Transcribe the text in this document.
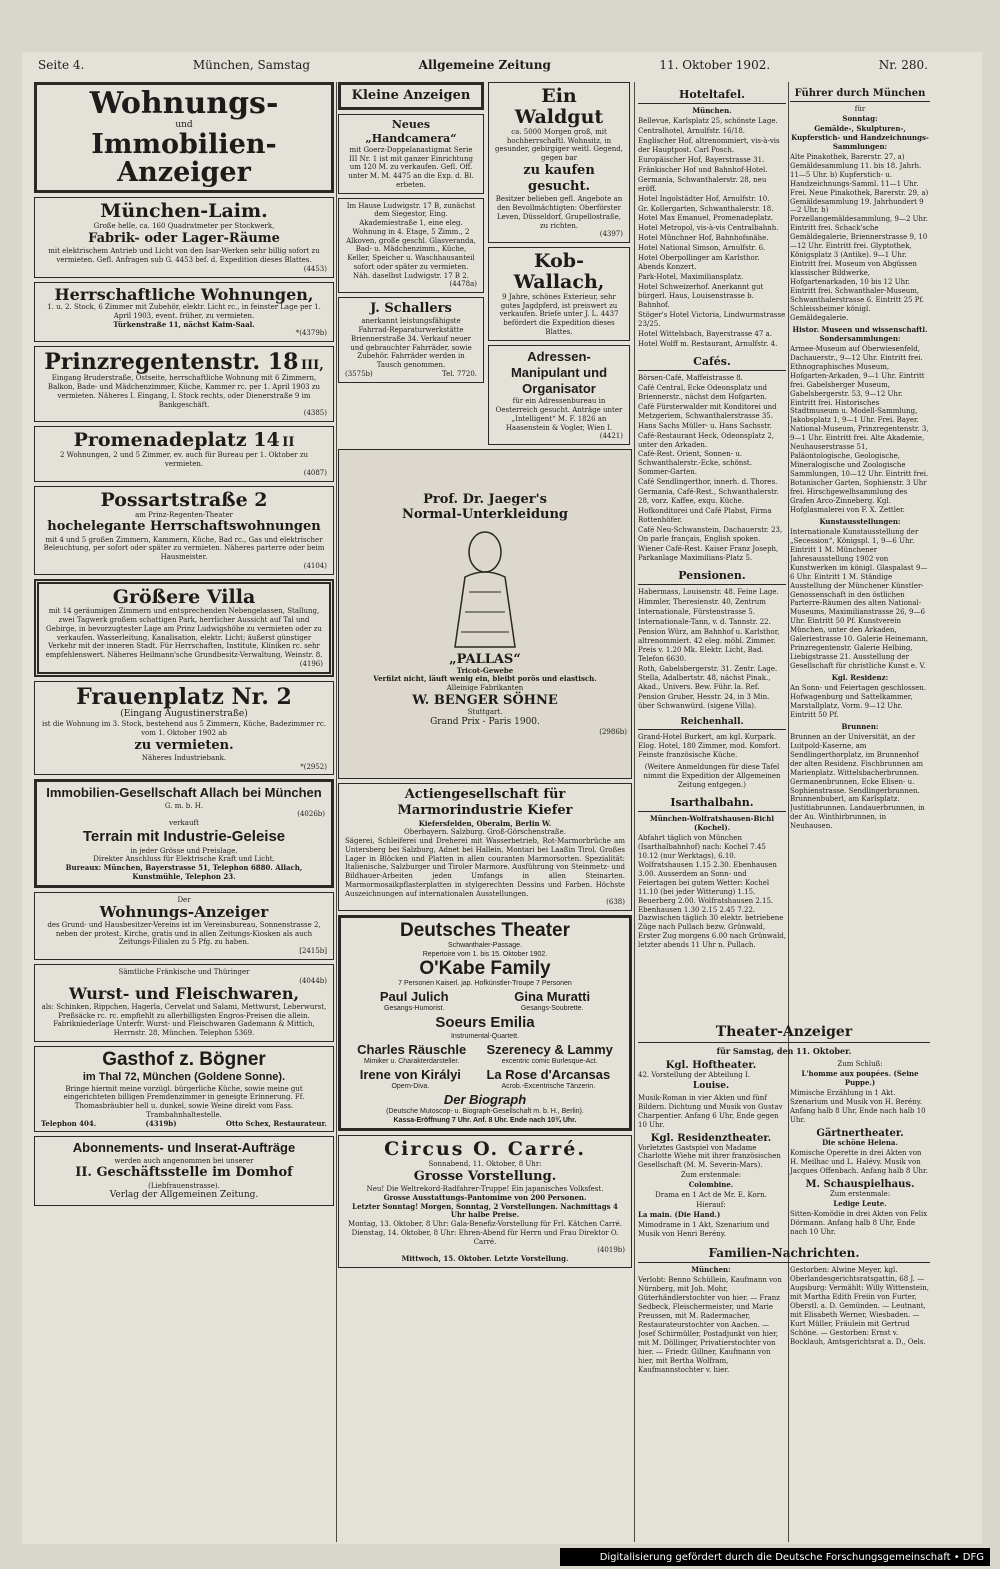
Seite 4.	München, Samstag	Allgemeine Zeitung	11. Oktober 1902.	Nr. 280.
Wohnungs-
und
Immobilien-Anzeiger
München-Laim.
Große helle, ca. 160 Quadratmeter per Stockwerk,
Fabrik- oder Lager-Räume
mit elektrischem Antrieb und Licht von den Isar-Werken sehr billig sofort zu vermieten. Gefl. Anfragen sub G. 4453 bef. d. Expedition dieses Blattes.
(4453)
Herrschaftliche Wohnungen,
1. u. 2. Stock, 6 Zimmer mit Zubehör, elektr. Licht rc., in feinster Lage per 1. April 1903, event. früher, zu vermieten.
Türkenstraße 11, nächst Kaim-Saal.
*(4379b)
Prinzregentenstr. 18 III,
Eingang Bruderstraße, Ostseite, herrschaftliche Wohnung mit 6 Zimmern, Balkon, Bade- und Mädchenzimmer, Küche, Kammer rc. per 1. April 1903 zu vermieten. Näheres I. Eingang, I. Stock rechts, oder Dienerstraße 9 im Bankgeschäft.
(4385)
Promenadeplatz 14 II
2 Wohnungen, 2 und 5 Zimmer, ev. auch für Bureau per 1. Oktober zu vermieten.
(4087)
Possartstraße 2
am Prinz-Regenten-Theater
hochelegante Herrschaftswohnungen
mit 4 und 5 großen Zimmern, Kammern, Küche, Bad rc., Gas und elektrischer Beleuchtung, per sofort oder später zu vermieten. Näheres parterre oder beim Hausmeister.
(4104)
Größere Villa
mit 14 geräumigen Zimmern und entsprechenden Nebengelassen, Stallung, zwei Tagwerk großem schattigen Park, herrlicher Aussicht auf Tal und Gebirge, in bevorzugtester Lage am Prinz Ludwigshöhe zu vermieten oder zu verkaufen. Wasserleitung, Kanalisation, elektr. Licht; äußerst günstiger Verkehr mit der inneren Stadt. Für Herrschaften, Institute, Kliniken rc. sehr empfehlenswert. Näheres Heilmann'sche Grundbesitz-Verwaltung, Weinstr. 8.
(4196)
Frauenplatz Nr. 2
(Eingang Augustinerstraße)
ist die Wohnung im 3. Stock, bestehend aus 5 Zimmern, Küche, Badezimmer rc. vom 1. Oktober 1902 ab
zu vermieten.
Näheres Industriebank.
*(2952)
Immobilien-Gesellschaft Allach bei München
G. m. b. H.
(4026b)
verkauft
Terrain mit Industrie-Geleise
in jeder Grösse und Preislage.
Direkter Anschluss für Elektrische Kraft und Licht.
Bureaux: München, Bayerstrasse 51, Telephon 6880. Allach, Kunstmühle, Telephon 23.
Der
Wohnungs-Anzeiger
des Grund- und Hausbesitzer-Vereins ist im Vereinsbureau, Sonnenstrasse 2, neben der protest. Kirche, gratis und in allen Zeitungs-Kiosken als auch Zeitungs-Filialen zu 5 Pfg. zu haben.
[2415b]
Sämtliche Fränkische und Thüringer
(4044b)
Wurst- und Fleischwaren,
als: Schinken, Rippchen, Hagerla, Cervelat und Salami, Mettwurst, Leberwurst, Preßsäcke rc. rc. empfiehlt zu allerbilligsten Engros-Preisen die allein. Fabrikniederlage Unterfr. Wurst- und Fleischwaren Gademann & Mittich, Herrnstr. 28, München. Telephon 5369.
Gasthof z. Bögner
im Thal 72, München (Goldene Sonne).
Bringe hiermit meine vorzügl. bürgerliche Küche, sowie meine gut eingerichteten billigen Fremdenzimmer in geneigte Erinnerung. Ff. Thomasbräubier hell u. dunkel, sowie Weine direkt vom Fass. Trambahnhaltestelle.
Telephon 404.	(4319b)	Otto Schex, Restaurateur.
Abonnements- und Inserat-Aufträge
werden auch angenommen bei unserer
II. Geschäftsstelle im Domhof
(Liebfrauenstrasse).
Verlag der Allgemeinen Zeitung.
Kleine Anzeigen
Neues „Handcamera“
mit Goerz-Doppelanastigmat Serie III Nr. 1 ist mit ganzer Einrichtung um 120 M. zu verkaufen. Gefl. Off. unter M. M. 4475 an die Exp. d. Bl. erbeten.
Im Hause Ludwigstr. 17 B, zunächst dem Siegestor, Eing. Akademiestraße 1, eine eleg. Wohnung in 4. Etage, 5 Zimm., 2 Alkoven, große geschl. Glasveranda, Bad- u. Mädchenzimm., Küche, Keller, Speicher u. Waschhausanteil sofort oder später zu vermieten.
Näh. daselbst Ludwigstr. 17 B 2.
(4478a)
J. Schallers
anerkannt leistungsfähigste Fahrrad-Reparaturwerkstätte Briennerstraße 34. Verkauf neuer und gebrauchter Fahrräder, sowie Zubehör. Fahrräder werden in Tausch genommen.
(3575b)	Tel. 7720.
Ein Waldgut
ca. 5000 Morgen groß, mit hochherrschaftl. Wohnsitz, in gesunder, gebirgiger weitl. Gegend, gegen bar
zu kaufen gesucht.
Besitzer belieben gefl. Angebote an den Bevollmächtigten: Oberförster Leven, Düsseldorf, Grupellostraße, zu richten.
(4397)
Kob-Wallach,
9 Jahre, schönes Exterieur, sehr gutes Jagdpferd, ist preiswert zu verkaufen. Briefe unter J. L. 4437 befördert die Expedition dieses Blattes.
Adressen-Manipulant und Organisator
für ein Adressenbureau in Oesterreich gesucht. Anträge unter „Intelligent“ M. F. 1826 an Haasenstein & Vogler, Wien I.
(4421)
Prof. Dr. Jaeger's
Normal-Unterkleidung
„PALLAS“
Tricot-Gewebe
Verfilzt nicht, läuft wenig ein, bleibt porös und elastisch.
Alleinige Fabrikanten
W. BENGER SÖHNE
Stuttgart.
Grand Prix - Paris 1900.
(2986b)
Actiengesellschaft für Marmorindustrie Kiefer
Kiefersfelden, Oberalm, Berlin W.
Oberbayern. Salzburg. Groß-Görschenstraße.
Sägerei, Schleiferei und Dreherei mit Wasserbetrieb, Rot-Marmorbrüche am Untersberg bei Salzburg, Adnet bei Hallein, Montari bei Laaßin Tirol. Großes Lager in Blöcken und Platten in allen couranten Marmorsorten. Spezialität: Italienische, Salzburger und Tiroler Marmore. Ausführung von Steinmetz- und Bildhauer-Arbeiten jeden Umfangs in allen Steinarten. Marmormosaikpflasterplatten in stylgerechten Dessins und Farben. Höchste Auszeichnungen auf internationalen Ausstellungen.
(638)
Deutsches Theater
Schwanthaler-Passage.
Repertoire vom 1. bis 15. Oktober 1902.
O'Kabe Family
7 Personen Kaiserl. jap. Hofkünstler-Troupe 7 Personen
Paul Julich
Gesangs-Humorist.
Gina Muratti
Gesangs-Soubrette.
Soeurs Emilia
Instrumental-Quartett.
Charles Räuschle
Mimiker u. Charakterdarsteller.
Szerenecy & Lammy
excentric comic Burlesque-Act.
Irene von Királyi
Opern-Diva.
La Rose d'Arcansas
Acrob.-Excentrische Tänzerin.
Der Biograph
(Deutsche Mutoscop- u. Biograph-Gesellschaft m. b. H., Berlin).
Kassa-Eröffnung 7 Uhr. Anf. 8 Uhr. Ende nach 10¾ Uhr.
Circus O. Carré.
Sonnabend, 11. Oktober, 8 Uhr:
Grosse Vorstellung.
Neu! Die Weltrekord-Radfahrer-Truppe! Ein japanisches Volksfest.
Grosse Ausstattungs-Pantomime von 200 Personen.
Letzter Sonntag! Morgen, Sonntag, 2 Vorstellungen. Nachmittags 4 Uhr halbe Preise.
Montag, 13. Oktober, 8 Uhr: Gala-Benefiz-Vorstellung für Frl. Kätchen Carré.
Dienstag, 14. Oktober, 8 Uhr: Ehren-Abend für Herrn und Frau Direktor O. Carré.
(4019b)
Mittwoch, 15. Oktober. Letzte Vorstellung.
Hoteltafel.
München.
Bellevue, Karlsplatz 25, schönste Lage.
Centralhotel, Arnulfstr. 16/18.
Englischer Hof, altrenommiert, vis-à-vis der Hauptpost. Carl Posch.
Europäischer Hof, Bayerstrasse 31.
Fränkischer Hof und Bahnhof-Hotel.
Germania, Schwanthalerstr. 28, neu eröff.
Hotel Ingolstädter Hof, Arnulfstr. 10.
Gr. Kollergarten, Schwanthalerstr. 18.
Hotel Max Emanuel, Promenadeplatz.
Hotel Metropol, vis-à-vis Centralbahnh.
Hotel Münchner Hof, Bahnhofsnähe.
Hotel National Simson, Arnulfstr. 6.
Hotel Oberpollinger am Karlsthor. Abends Konzert.
Park-Hotel, Maximiliansplatz.
Hotel Schweizerhof. Anerkannt gut bürgerl. Haus, Louisenstrasse b. Bahnhof.
Stöger's Hotel Victoria, Lindwurmstrasse 23/25.
Hotel Wittelsbach, Bayerstrasse 47 a.
Hotel Wolff m. Restaurant, Arnulfstr. 4.
Cafés.
Börsen-Café, Maffeistrasse 8.
Café Central, Ecke Odeonsplatz und Briennerstr., nächst dem Hofgarten.
Café Fürsterwalder mit Konditorei und Metzgeriem, Schwanthalerstrasse 35.
Hans Sachs Müller- u. Hans Sachsstr.
Café-Restaurant Heck, Odeonsplatz 2, unter den Arkaden.
Café-Rest. Orient, Sonnen- u. Schwanthalerstr.-Ecke, schönst. Sommer-Garten.
Café Sendlingerthor, innerh. d. Thores.
Germania, Café-Rest., Schwanthalerstr. 28, vorz. Kaffee, exqu. Küche.
Hofkonditorei und Café Plabst, Firma Rottenhöfer.
Café Neu-Schwanstein, Dachauerstr. 23, On parle français, English spoken.
Wiener Café-Rest. Kaiser Franz Joseph, Parkanlage Maximilians-Platz 5.
Pensionen.
Habermass, Louisenstr. 48. Feine Lage.
Himmler, Theresienstr. 40, Zentrum
Internationale, Fürstenstrasse 5.
Internationale-Tann, v. d. Tannstr. 22.
Pension Würz, am Bahnhof u. Karlsthor, altrenommiert. 42 eleg. möbl. Zimmer. Preis v. 1.20 Mk. Elektr. Licht, Bad. Telefon 6630.
Roth, Gabelsbergerstr. 31. Zentr. Lage.
Stella, Adalbertstr. 48, nächst Pinak., Akad., Univers. Bew. Führ. la. Ref.
Pension Gruber, Hesstr. 24, in 3 Min. über Schwanwürd. (sigene Villa).
Reichenhall.
Grand-Hotel Burkert, am kgl. Kurpark. Elog. Hotel, 180 Zimmer, mod. Komfort. Feinste französische Küche.
(Weitere Anmeldungen für diese Tafel nimmt die Expedition der Allgemeinen Zeitung entgegen.)
Isarthalbahn.
München-Wolfratshausen-Bichl (Kochel).
Abfahrt täglich von München (Isarthalbahnhof) nach: Kochel 7.45 10.12 (nur Werktags), 6.10. Wolfratshausen 1.15 2.30. Ebenhausen 3.00. Ausserdem an Sonn- und Feiertagen bei gutem Wetter: Kochel 11.10 (bei jeder Witterung) 1.15. Beuerberg 2.00. Wolfratshausen 2.15. Ebenhausen 1.30 2.15 2.45 7.22. Dazwischen täglich 30 elektr. betriebene Züge nach Pullach bezw. Grünwald, Erster Zug morgens 6.00 nach Grünwald, letzter abends 11 Uhr n. Pullach.
Theater-Anzeiger
für Samstag, den 11. Oktober.
Kgl. Hoftheater.
42. Vorstellung der Abteilung I.
Louise.
Musik-Roman in vier Akten und fünf Bildern. Dichtung und Musik von Gustav Charpentier. Anfang 6 Uhr, Ende gegen 10 Uhr.
Kgl. Residenztheater.
Vorletztes Gastspiel von Madame Charlotte Wiehe mit ihrer französischen Gesellschaft (M. M. Severin-Mars).
Zum erstenmale:
Colombine.
Drama en 1 Act de Mr. E. Korn.
Hierauf:
La main. (Die Hand.)
Mimodrame in 1 Akt, Szenarium und Musik von Henri Berény.
Zum Schluß:
L'homme aux poupées. (Seine Puppe.)
Mimische Erzählung in 1 Akt. Szenarium und Musik von H. Berény. Anfang halb 8 Uhr, Ende nach halb 10 Uhr.
Gärtnertheater.
Die schöne Helena.
Komische Operette in drei Akten von H. Meilhac und L. Halévy. Musik von Jacques Offenbach. Anfang halb 8 Uhr.
M. Schauspielhaus.
Zum erstenmale:
Ledige Leute.
Sitten-Komödie in drei Akten von Felix Dörmann. Anfang halb 8 Uhr, Ende nach 10 Uhr.
Familien-Nachrichten.
München:
Verlobt: Benno Schüllein, Kaufmann von Nürnberg, mit Joh. Mohr, Güterhändlerstochter von hier. — Franz Sedbeck, Fleischermeister, und Marie Preussen, mit M. Radermacher, Restaurateurstochter von Aachen. — Josef Schirmüller, Postadjunkt von hier, mit M. Döllinger, Privatierstochter von hier. — Friedr. Gillner, Kaufmann von hier, mit Bertha Wolfram, Kaufmannstochter v. hier.
Gestorben: Alwine Meyer, kgl. Oberlandesgerichtsratsgattin, 68 J. — Augsburg: Vermählt: Willy Wittenstein, mit Martha Edith Freiin von Furter, Oberstl. a. D. Gemünden. — Leutnant, mit Elisabeth Werner, Wiesbaden. — Kurt Müller, Fräulein mit Gertrud Schöne. — Gestorben: Ernst v. Bocklauh, Amtsgerichtsrat a. D., Oels.
Führer durch München
für
Sonntag:
Gemälde-, Skulpturen-, Kupferstich- und Handzeichnungs-Sammlungen:
Alte Pinakothek, Barerstr. 27, a) Gemäldesammlung 11. bis 18. Jahrh. 11—5 Uhr. b) Kupferstich- u. Handzeichnungs-Samml. 11—1 Uhr. Frei. Neue Pinakothek, Barerstr. 29, a) Gemäldesammlung 19. Jahrhundert 9—2 Uhr, b) Porzellangemäldesammlung, 9—2 Uhr. Eintritt frei. Schack'sche Gemäldegalerie, Briennerstrasse 9, 10—12 Uhr. Eintritt frei. Glyptothek, Königsplatz 3 (Antike). 9—1 Uhr. Eintritt frei. Museum von Abgüssen klassischer Bildwerke, Hofgartenarkaden, 10 bis 12 Uhr. Eintritt frei. Schwanthaler-Museum, Schwanthalerstrasse 6. Eintritt 25 Pf. Schleissheimer königl. Gemäldegalerie.
Histor. Museen und wissenschaftl. Sondersammlungen:
Armee-Museum auf Oberwiesenfeld, Dachauerstr., 9—12 Uhr. Eintritt frei. Ethnographisches Museum, Hofgarten-Arkaden, 9—1 Uhr. Eintritt frei. Gabelsberger Museum, Gabelsbergerstr. 53, 9—12 Uhr. Eintritt frei. Historisches Stadtmuseum u. Modell-Sammlung, Jakobsplatz 1, 9—1 Uhr. Frei. Bayer. National-Museum, Prinzregentenstr. 3, 9—1 Uhr. Eintritt frei. Alte Akademie, Neuhauserstrasse 51, Paläontologische, Geologische, Mineralogische und Zoologische Sammlungen, 10—12 Uhr. Eintritt frei. Botanischer Garten, Sophienstr. 3 Uhr frei. Hirschgewelhsammlung des Grafen Arco-Zinneberg. Kgl. Hofglasmalerei von F. X. Zettler.
Kunstausstellungen:
Internationale Kunstausstellung der „Secession“, Königspl. 1, 9—6 Uhr. Eintritt 1 M. Münchener Jahresausstellung 1902 von Kunstwerken im königl. Glaspalast 9—6 Uhr. Eintritt 1 M. Ständige Ausstellung der Münchener Künstler-Genossenschaft in den östlichen Parterre-Räumen des alten National-Museums, Maximilianstrasse 26, 9—6 Uhr. Eintritt 50 Pf. Kunstverein München, unter den Arkaden, Galeriestrasse 10. Galerie Heinemann, Prinzregentenstr. Galerie Helbing, Liebigstrasse 21. Ausstellung der Gesellschaft für christliche Kunst e. V.
Kgl. Residenz:
An Sonn- und Feiertagen geschlossen. Hofwagenburg und Sattelkammer, Marstallplatz, Vorm. 9—12 Uhr. Eintritt 50 Pf.
Brunnen:
Brunnen an der Universität, an der Luitpold-Kaserne, am Sendlingerthorplatz, im Brunnenhof der alten Residenz. Fischbrunnen am Marienplatz. Wittelsbacherbrunnen. Germanenbrunnen, Ecke Elisen- u. Sophienstrasse. Sendlingerbrunnen. Brunnenbuberl, am Karlsplatz. Justitiabrunnen. Landauerbrunnen, in der Au. Winthirbrunnen, in Neuhausen.
Digitalisierung gefördert durch die Deutsche Forschungsgemeinschaft • DFG
